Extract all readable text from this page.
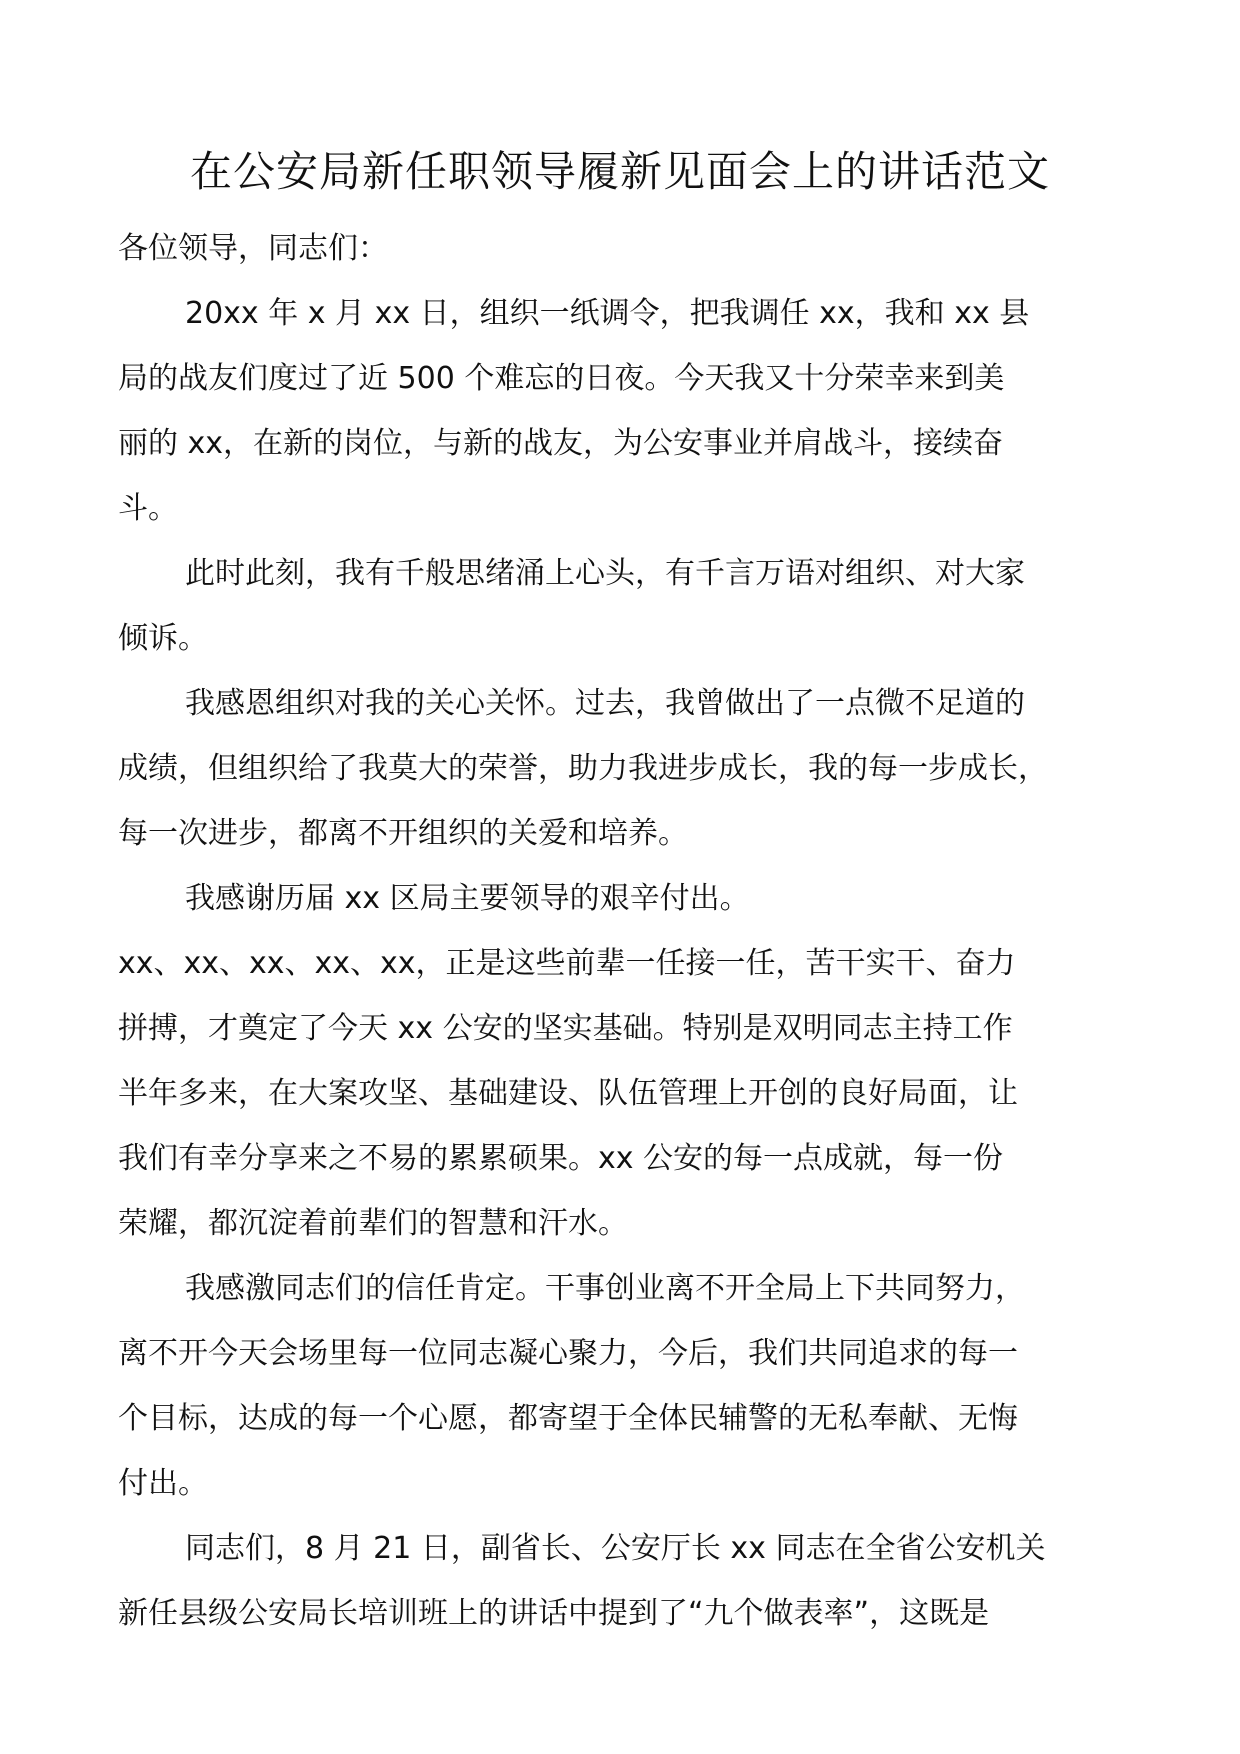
在公安局新任职领导履新见面会上的讲话范文
各位领导，同志们：
20xx 年 x 月 xx 日，组织一纸调令，把我调任 xx，我和 xx 县
局的战友们度过了近 500 个难忘的日夜。今天我又十分荣幸来到美
丽的 xx，在新的岗位，与新的战友，为公安事业并肩战斗，接续奋
斗。
此时此刻，我有千般思绪涌上心头，有千言万语对组织、对大家
倾诉。
我感恩组织对我的关心关怀。过去，我曾做出了一点微不足道的
成绩，但组织给了我莫大的荣誉，助力我进步成长，我的每一步成长，
每一次进步，都离不开组织的关爱和培养。
我感谢历届 xx 区局主要领导的艰辛付出。
xx、xx、xx、xx、xx，正是这些前辈一任接一任，苦干实干、奋力
拼搏，才奠定了今天 xx 公安的坚实基础。特别是双明同志主持工作
半年多来，在大案攻坚、基础建设、队伍管理上开创的良好局面，让
我们有幸分享来之不易的累累硕果。xx 公安的每一点成就，每一份
荣耀，都沉淀着前辈们的智慧和汗水。
我感激同志们的信任肯定。干事创业离不开全局上下共同努力，
离不开今天会场里每一位同志凝心聚力，今后，我们共同追求的每一
个目标，达成的每一个心愿，都寄望于全体民辅警的无私奉献、无悔
付出。
同志们，8 月 21 日，副省长、公安厅长 xx 同志在全省公安机关
新任县级公安局长培训班上的讲话中提到了“九个做表率”，这既是
